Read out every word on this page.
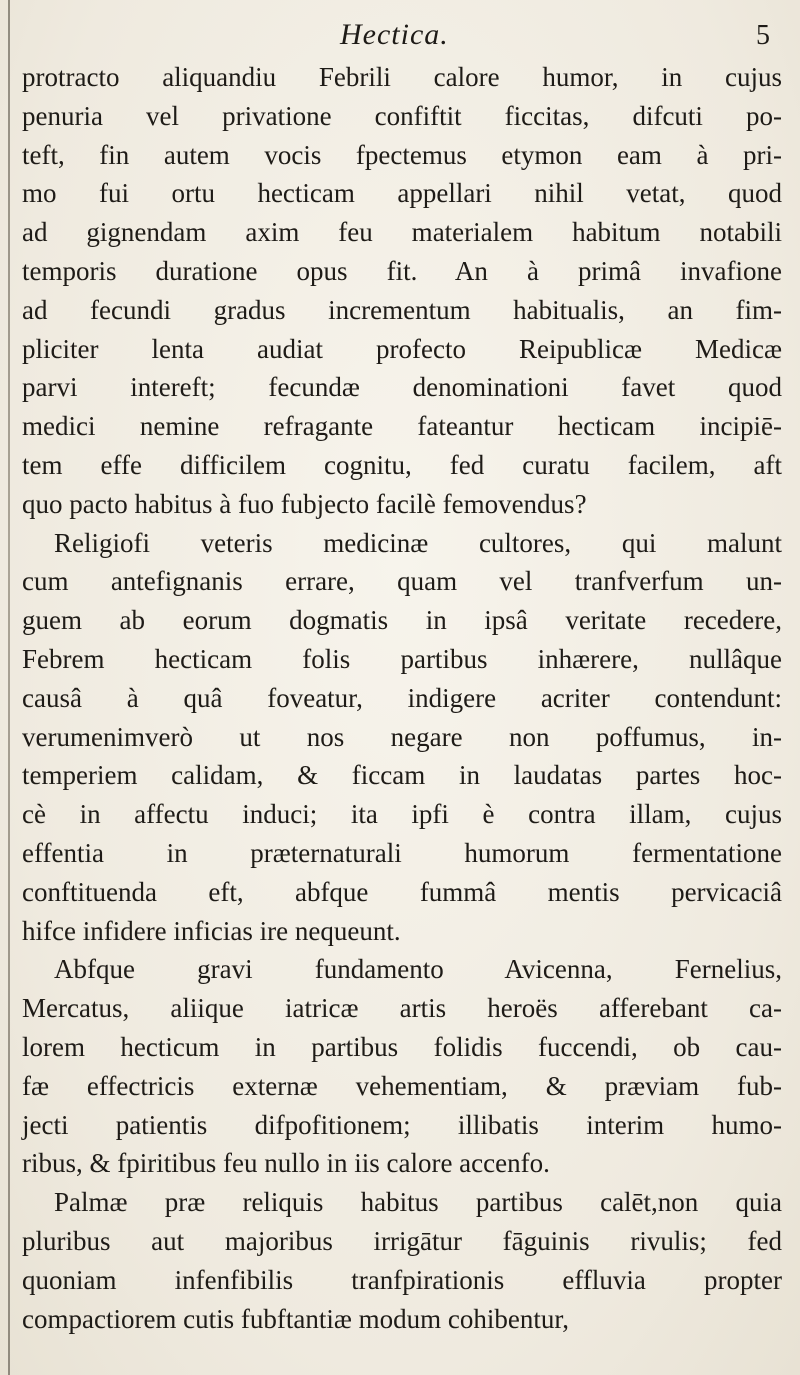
Hectica.	5
protracto aliquandiu Febrili calore humor, in cujus
penuria vel privatione confiftit ficcitas, difcuti po-
teft, fin autem vocis fpectemus etymon eam à pri-
mo fui ortu hecticam appellari nihil vetat, quod
ad gignendam axim feu materialem habitum notabili
temporis duratione opus fit. An à primâ invafione
ad fecundi gradus incrementum habitualis, an fim-
pliciter lenta audiat profecto Reipublicæ Medicæ
parvi intereft; fecundæ denominationi favet quod
medici nemine refragante fateantur hecticam incipiē-
tem effe difficilem cognitu, fed curatu facilem, aft
quo pacto habitus à fuo fubjecto facilè femovendus?
Religiofi veteris medicinæ cultores, qui malunt
cum antefignanis errare, quam vel tranfverfum un-
guem ab eorum dogmatis in ipsâ veritate recedere,
Febrem hecticam folis partibus inhærere, nullâque
causâ à quâ foveatur, indigere acriter contendunt:
verumenimverò ut nos negare non poffumus, in-
temperiem calidam, & ficcam in laudatas partes hoc-
cè in affectu induci; ita ipfi è contra illam, cujus
effentia in præternaturali humorum fermentatione
conftituenda eft, abfque fummâ mentis pervicaciâ
hifce infidere inficias ire nequeunt.
Abfque gravi fundamento Avicenna, Fernelius,
Mercatus, aliique iatricæ artis heroës afferebant ca-
lorem hecticum in partibus folidis fuccendi, ob cau-
fæ effectricis externæ vehementiam, & præviam fub-
jecti patientis difpofitionem; illibatis interim humo-
ribus, & fpiritibus feu nullo in iis calore accenfo.
Palmæ præ reliquis habitus partibus calēt,non quia
pluribus aut majoribus irrigātur fāguinis rivulis; fed
quoniam infenfibilis tranfpirationis effluvia propter
compactiorem cutis fubftantiæ modum cohibentur,
